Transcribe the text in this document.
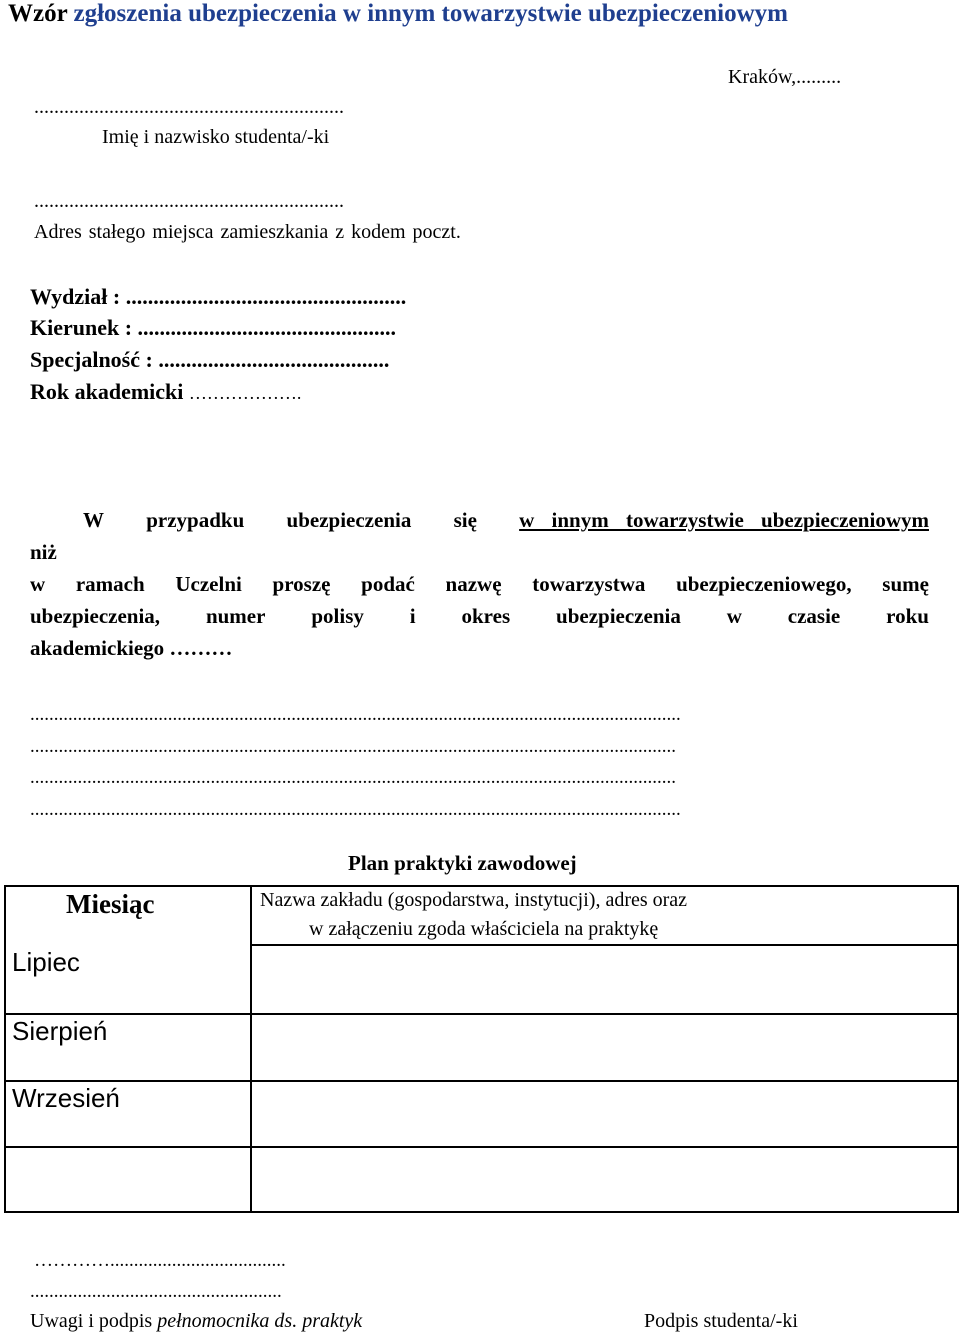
Wzór zgłoszenia ubezpieczenia w innym towarzystwie ubezpieczeniowym
Kraków,.........
..............................................................
Imię i nazwisko studenta/-ki
..............................................................
Adres stałego miejsca zamieszkania z kodem poczt.
Wydział : ...................................................
Kierunek : ...............................................
Specjalność : ..........................................
Rok akademicki ……………….
W przypadku ubezpieczenia się w innym towarzystwie ubezpieczeniowym
niż
w ramach Uczelni proszę podać nazwę towarzystwa ubezpieczeniowego, sumę
ubezpieczenia, numer polisy i okres ubezpieczenia w czasie roku
akademickiego ………
.........................................................................................................................................
........................................................................................................................................
........................................................................................................................................
.........................................................................................................................................
Plan praktyki zawodowej
Miesiąc	Nazwa zakładu (gospodarstwa, instytucji), adres oraz
w załączeniu zgoda właściciela na praktykę
Lipiec
Sierpień
Wrzesień
………….....................................
.....................................................
Uwagi i podpis pełnomocnika ds. praktyk	Podpis studenta/-ki
